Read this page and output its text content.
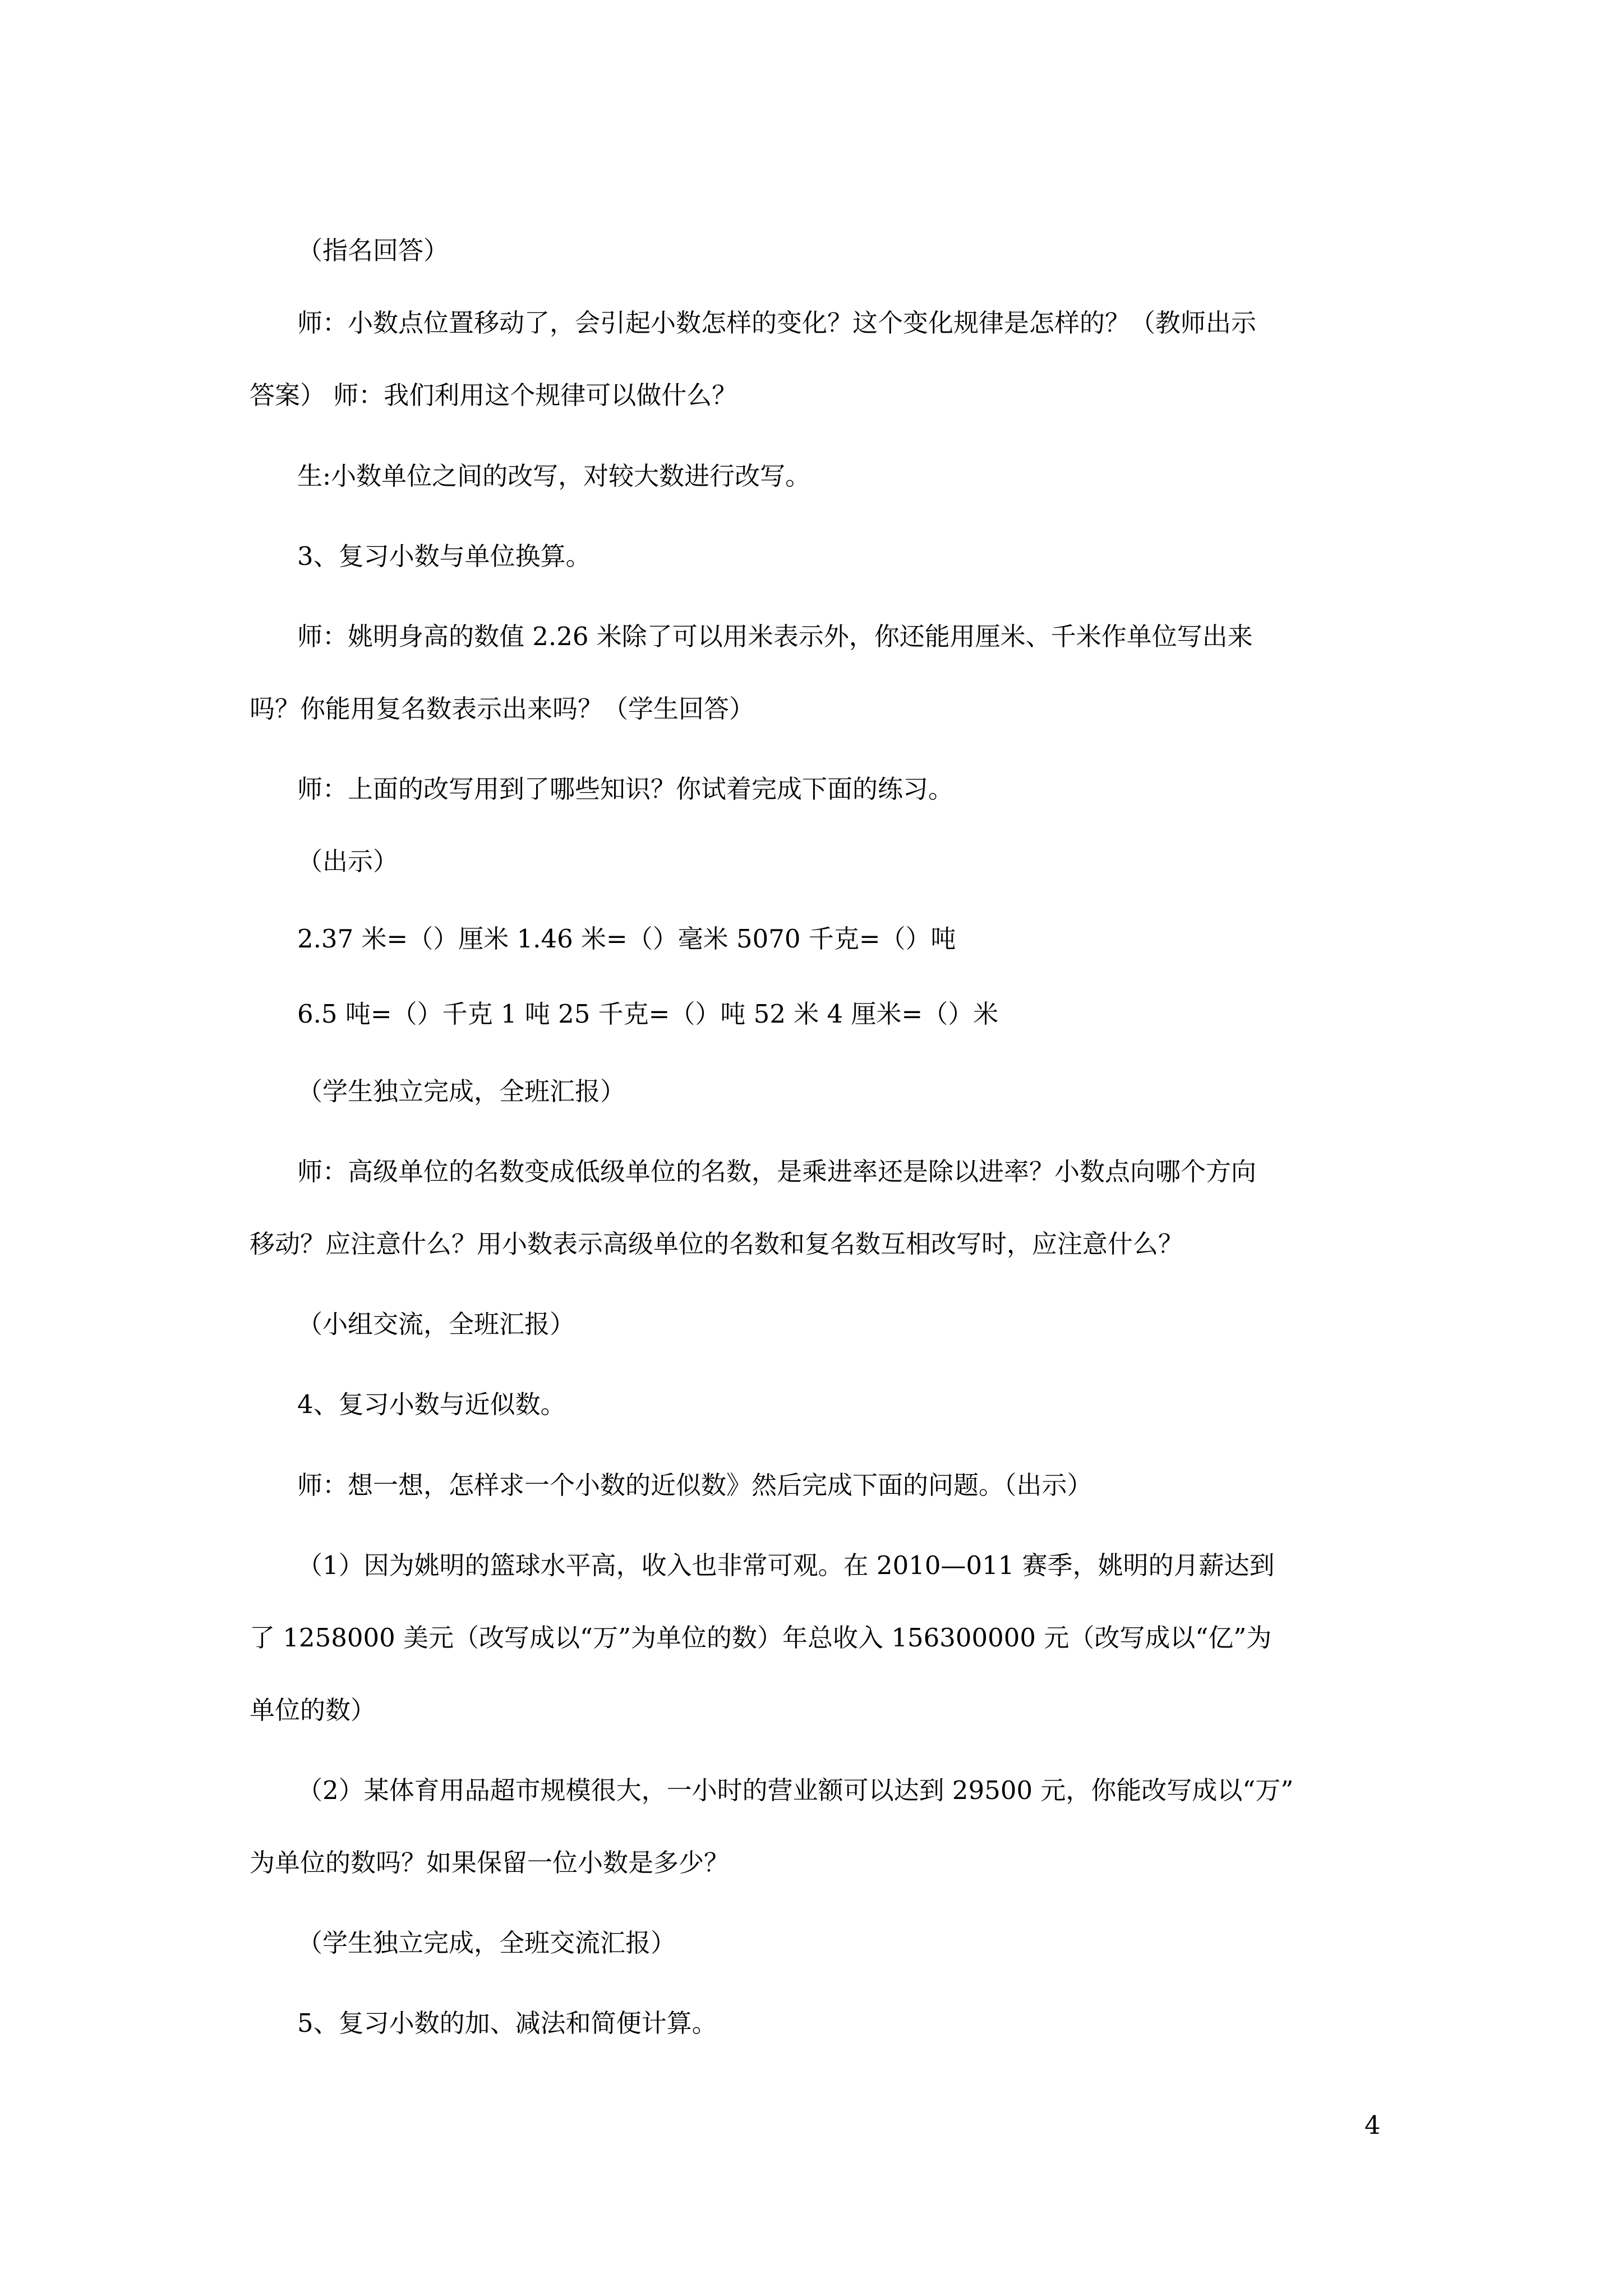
（指名回答）
师：小数点位置移动了，会引起小数怎样的变化？这个变化规律是怎样的？（教师出示
答案） 师：我们利用这个规律可以做什么？
生:小数单位之间的改写，对较大数进行改写。
3、复习小数与单位换算。
师：姚明身高的数值 2.26 米除了可以用米表示外，你还能用厘米、千米作单位写出来
吗？你能用复名数表示出来吗？（学生回答）
师：上面的改写用到了哪些知识？你试着完成下面的练习。
（出示）
2.37 米=（）厘米 1.46 米=（）毫米 5070 千克=（）吨
6.5 吨=（）千克 1 吨 25 千克=（）吨 52 米 4 厘米=（）米
（学生独立完成，全班汇报）
师：高级单位的名数变成低级单位的名数，是乘进率还是除以进率？小数点向哪个方向
移动？应注意什么？用小数表示高级单位的名数和复名数互相改写时，应注意什么？
（小组交流，全班汇报）
4、复习小数与近似数。
师：想一想，怎样求一个小数的近似数》然后完成下面的问题。（出示）
（1）因为姚明的篮球水平高，收入也非常可观。在 2010—011 赛季，姚明的月薪达到
了 1258000 美元（改写成以“万”为单位的数）年总收入 156300000 元（改写成以“亿”为
单位的数）
（2）某体育用品超市规模很大，一小时的营业额可以达到 29500 元，你能改写成以“万”
为单位的数吗？如果保留一位小数是多少？
（学生独立完成，全班交流汇报）
5、复习小数的加、减法和简便计算。
4
